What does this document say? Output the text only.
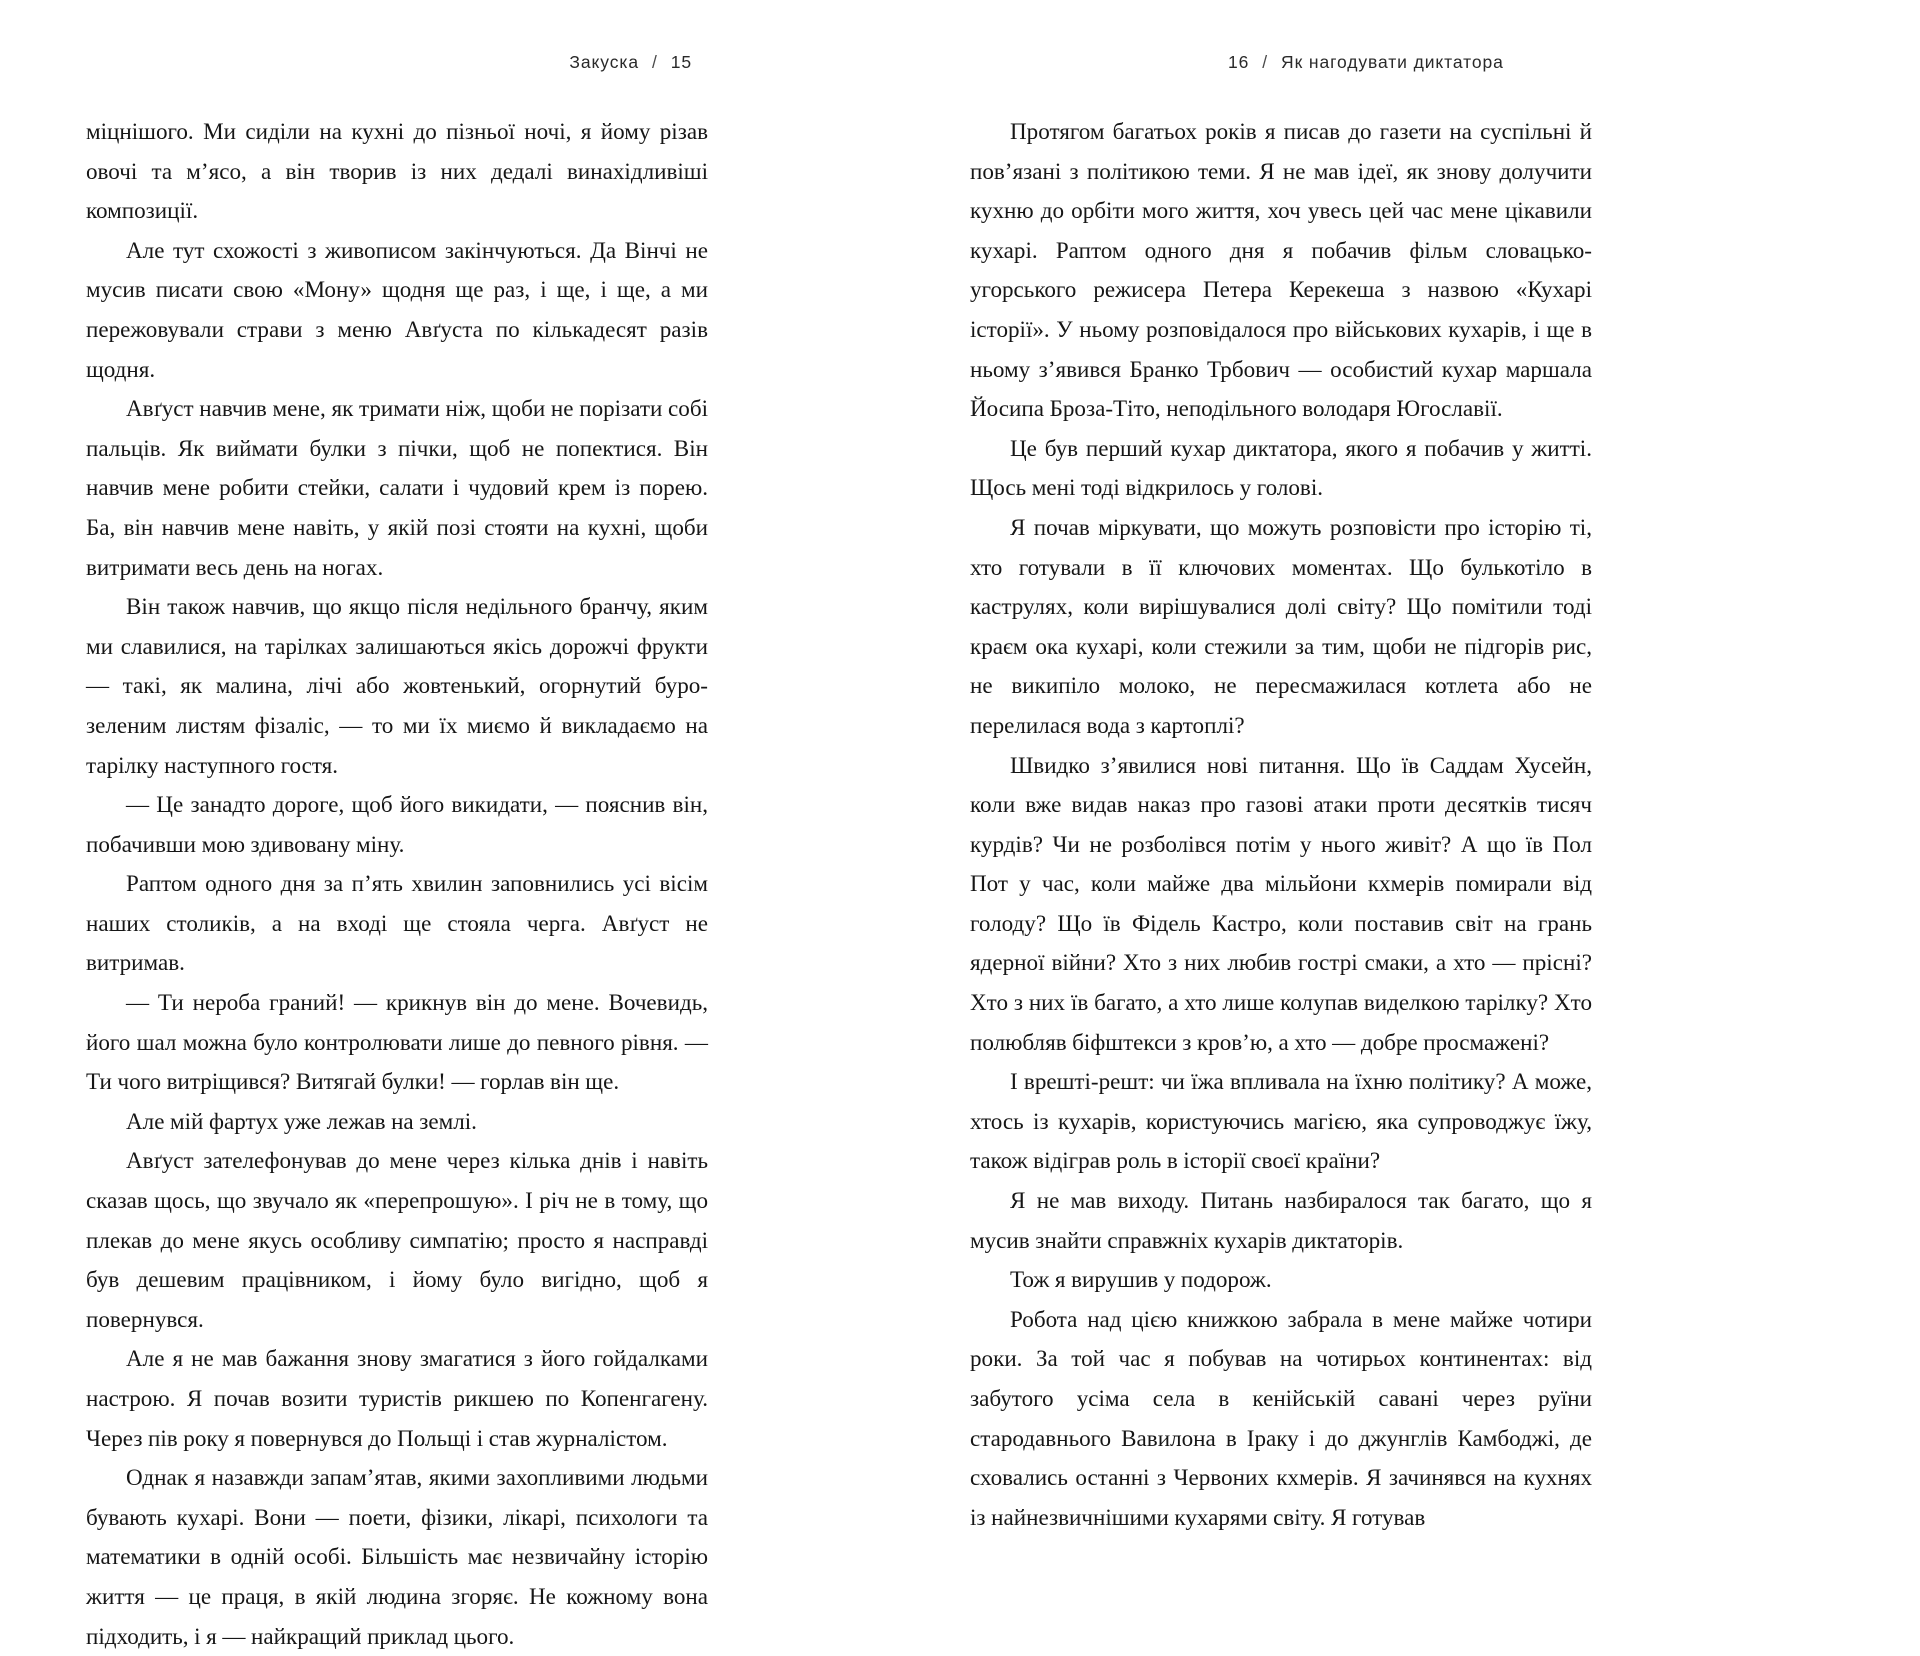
Закуска / 15

міцнішого. Ми сиділи на кухні до пізньої ночі, я йому різав овочі та м’ясо, а він творив із них дедалі винахідливіші композиції.

Але тут схожості з живописом закінчуються. Да Вінчі не мусив писати свою «Мону» щодня ще раз, і ще, і ще, а ми пережовували страви з меню Авґуста по кількадесят разів щодня.

Авґуст навчив мене, як тримати ніж, щоби не порізати собі пальців. Як виймати булки з пічки, щоб не попектися. Він навчив мене робити стейки, салати і чудовий крем із порею. Ба, він навчив мене навіть, у якій позі стояти на кухні, щоби витримати весь день на ногах.

Він також навчив, що якщо після недільного бранчу, яким ми славилися, на тарілках залишаються якісь дорожчі фрукти — такі, як малина, лічі або жовтенький, огорнутий буро-зеленим листям фізаліс, — то ми їх миємо й викладаємо на тарілку наступного гостя.

— Це занадто дороге, щоб його викидати, — пояснив він, побачивши мою здивовану міну.

Раптом одного дня за п’ять хвилин заповнились усі вісім наших столиків, а на вході ще стояла черга. Авґуст не витримав.

— Ти нероба граний! — крикнув він до мене. Вочевидь, його шал можна було контролювати лише до певного рівня. — Ти чого витріщився? Витягай булки! — горлав він ще.

Але мій фартух уже лежав на землі.

Авґуст зателефонував до мене через кілька днів і навіть сказав щось, що звучало як «перепрошую». І річ не в тому, що плекав до мене якусь особливу симпатію; просто я насправді був дешевим працівником, і йому було вигідно, щоб я повернувся.

Але я не мав бажання знову змагатися з його гойдалками настрою. Я почав возити туристів рикшею по Копенгагену. Через пів року я повернувся до Польщі і став журналістом.

Однак я назавжди запам’ятав, якими захопливими людьми бувають кухарі. Вони — поети, фізики, лікарі, психологи та математики в одній особі. Більшість має незвичайну історію життя — це праця, в якій людина згоряє. Не кожному вона підходить, і я — найкращий приклад цього.

16 / Як нагодувати диктатора

Протягом багатьох років я писав до газети на суспільні й пов’язані з політикою теми. Я не мав ідеї, як знову долучити кухню до орбіти мого життя, хоч увесь цей час мене цікавили кухарі. Раптом одного дня я побачив фільм словацько-угорського режисера Петера Керекеша з назвою «Кухарі історії». У ньому розповідалося про військових кухарів, і ще в ньому з’явився Бранко Трбович — особистий кухар маршала Йосипа Броза-Тіто, неподільного володаря Югославії.

Це був перший кухар диктатора, якого я побачив у житті. Щось мені тоді відкрилось у голові.

Я почав міркувати, що можуть розповісти про історію ті, хто готували в її ключових моментах. Що булькотіло в каструлях, коли вирішувалися долі світу? Що помітили тоді краєм ока кухарі, коли стежили за тим, щоби не підгорів рис, не википіло молоко, не пересмажилася котлета або не перелилася вода з картоплі?

Швидко з’явилися нові питання. Що їв Саддам Хусейн, коли вже видав наказ про газові атаки проти десятків тисяч курдів? Чи не розболівся потім у нього живіт? А що їв Пол Пот у час, коли майже два мільйони кхмерів помирали від голоду? Що їв Фідель Кастро, коли поставив світ на грань ядерної війни? Хто з них любив гострі смаки, а хто — прісні? Хто з них їв багато, а хто лише колупав виделкою тарілку? Хто полюбляв біфштекси з кров’ю, а хто — добре просмажені?

І врешті-решт: чи їжа впливала на їхню політику? А може, хтось із кухарів, користуючись магією, яка супроводжує їжу, також відіграв роль в історії своєї країни?

Я не мав виходу. Питань назбиралося так багато, що я мусив знайти справжніх кухарів диктаторів.

Тож я вирушив у подорож.

Робота над цією книжкою забрала в мене майже чотири роки. За той час я побував на чотирьох континентах: від забутого усіма села в кенійській савані через руїни стародавнього Вавилона в Іраку і до джунглів Камбоджі, де сховались останні з Червоних кхмерів. Я зачинявся на кухнях із найнезвичнішими кухарями світу. Я готував
